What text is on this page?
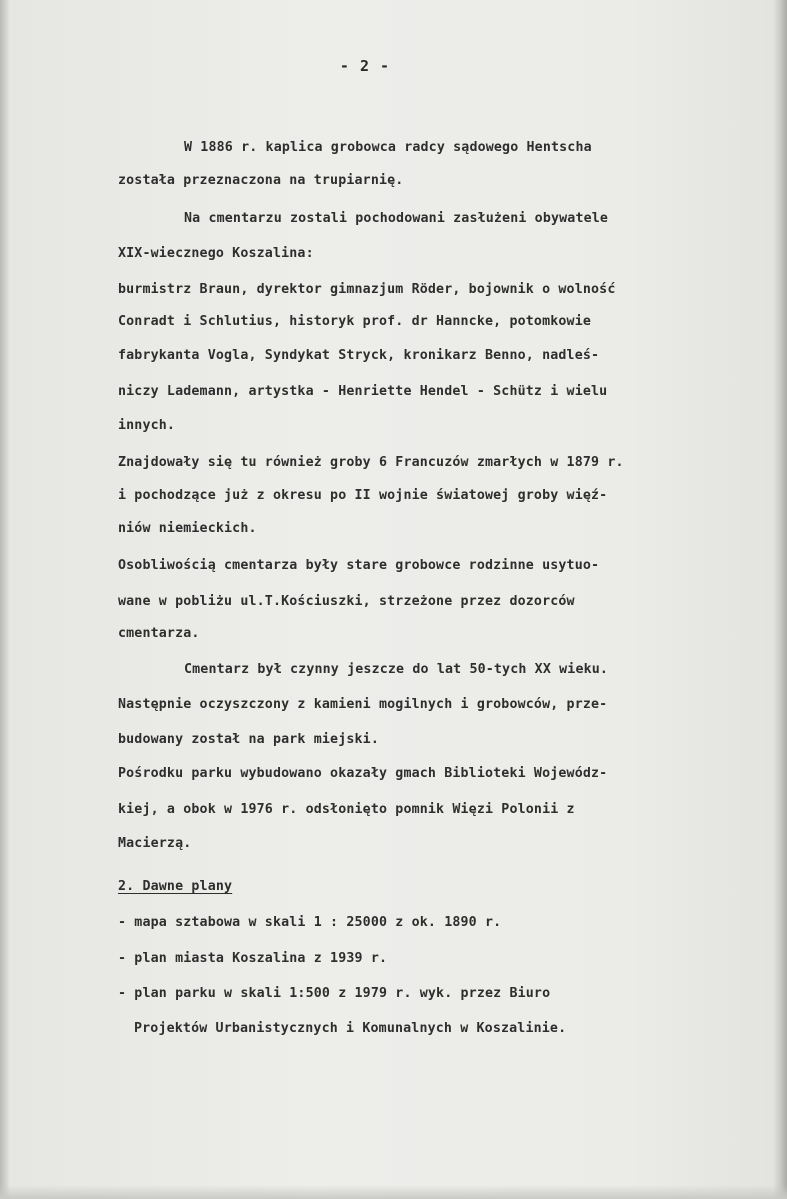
- 2 -
W 1886 r. kaplica grobowca radcy sądowego Hentscha
została przeznaczona na trupiarnię.
Na cmentarzu zostali pochodowani zasłużeni obywatele
XIX-wiecznego Koszalina:
burmistrz Braun, dyrektor gimnazjum Röder, bojownik o wolność
Conradt i Schlutius, historyk prof. dr Hanncke, potomkowie
fabrykanta Vogla, Syndykat Stryck, kronikarz Benno, nadleś-
niczy Lademann, artystka - Henriette Hendel - Schütz i wielu
innych.
Znajdowały się tu również groby 6 Francuzów zmarłych w 1879 r.
i pochodzące już z okresu po II wojnie światowej groby więź-
niów niemieckich.
Osobliwością cmentarza były stare grobowce rodzinne usytuo-
wane w pobliżu ul.T.Kościuszki, strzeżone przez dozorców
cmentarza.
Cmentarz był czynny jeszcze do lat 50-tych XX wieku.
Następnie oczyszczony z kamieni mogilnych i grobowców, prze-
budowany został na park miejski.
Pośrodku parku wybudowano okazały gmach Biblioteki Wojewódz-
kiej, a obok w 1976 r. odsłonięto pomnik Więzi Polonii z
Macierzą.
2. Dawne plany
- mapa sztabowa w skali 1 : 25000 z ok. 1890 r.
- plan miasta Koszalina z 1939 r.
- plan parku w skali 1:500 z 1979 r. wyk. przez Biuro
Projektów Urbanistycznych i Komunalnych w Koszalinie.
